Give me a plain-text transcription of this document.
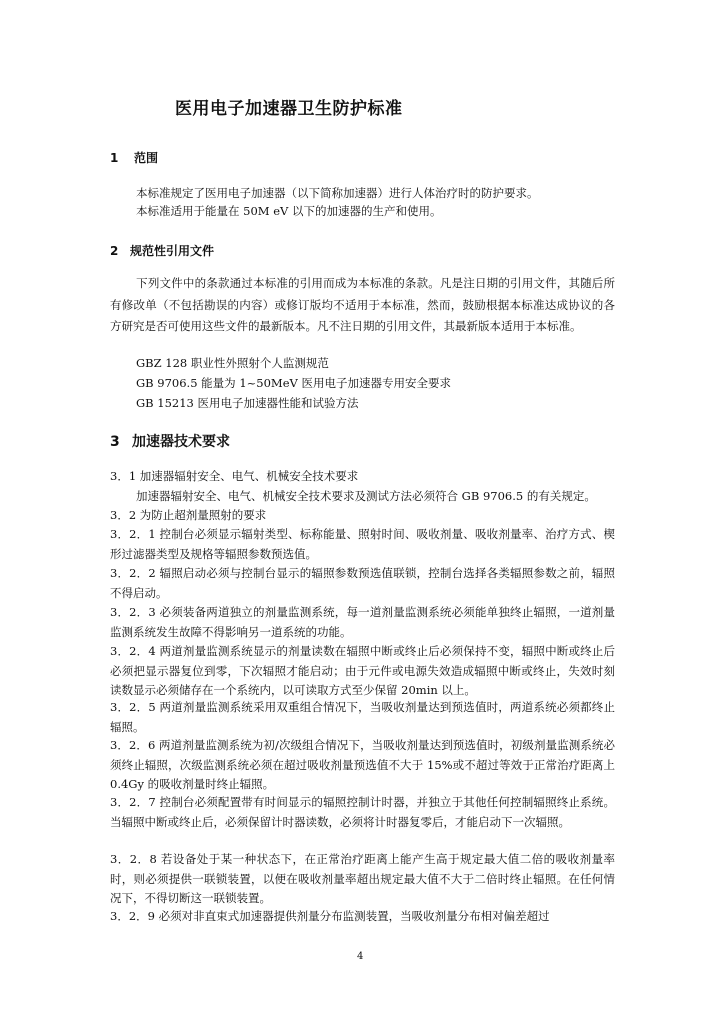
医用电子加速器卫生防护标准
1 范围
本标准规定了医用电子加速器（以下简称加速器）进行人体治疗时的防护要求。
本标准适用于能量在 50M eV 以下的加速器的生产和使用。
2 规范性引用文件
下列文件中的条款通过本标准的引用而成为本标准的条款。凡是注日期的引用文件，其随后所有修改单（不包括勘误的内容）或修订版均不适用于本标准，然而，鼓励根据本标准达成协议的各方研究是否可使用这些文件的最新版本。凡不注日期的引用文件，其最新版本适用于本标准。
GBZ 128 职业性外照射个人监测规范
GB 9706.5 能量为 1~50MeV 医用电子加速器专用安全要求
GB 15213 医用电子加速器性能和试验方法
3 加速器技术要求
3．1 加速器辐射安全、电气、机械安全技术要求
加速器辐射安全、电气、机械安全技术要求及测试方法必须符合 GB 9706.5 的有关规定。
3．2 为防止超剂量照射的要求
3．2．1 控制台必须显示辐射类型、标称能量、照射时间、吸收剂量、吸收剂量率、治疗方式、楔形过滤器类型及规格等辐照参数预选值。
3．2．2 辐照启动必须与控制台显示的辐照参数预选值联锁，控制台选择各类辐照参数之前，辐照不得启动。
3．2．3 必须装备两道独立的剂量监测系统，每一道剂量监测系统必须能单独终止辐照，一道剂量监测系统发生故障不得影响另一道系统的功能。
3．2．4 两道剂量监测系统显示的剂量读数在辐照中断或终止后必须保持不变，辐照中断或终止后必须把显示器复位到零，下次辐照才能启动；由于元件或电源失效造成辐照中断或终止，失效时刻读数显示必须储存在一个系统内，以可读取方式至少保留 20min 以上。
3．2．5 两道剂量监测系统采用双重组合情况下，当吸收剂量达到预选值时，两道系统必须都终止辐照。
3．2．6 两道剂量监测系统为初/次级组合情况下，当吸收剂量达到预选值时，初级剂量监测系统必须终止辐照，次级监测系统必须在超过吸收剂量预选值不大于 15%或不超过等效于正常治疗距离上 0.4Gy 的吸收剂量时终止辐照。
3．2．7 控制台必须配置带有时间显示的辐照控制计时器，并独立于其他任何控制辐照终止系统。当辐照中断或终止后，必须保留计时器读数，必须将计时器复零后，才能启动下一次辐照。
3．2．8 若设备处于某一种状态下，在正常治疗距离上能产生高于规定最大值二倍的吸收剂量率时，则必须提供一联锁装置，以便在吸收剂量率超出规定最大值不大于二倍时终止辐照。在任何情况下，不得切断这一联锁装置。
3．2．9 必须对非直束式加速器提供剂量分布监测装置，当吸收剂量分布相对偏差超过
4
